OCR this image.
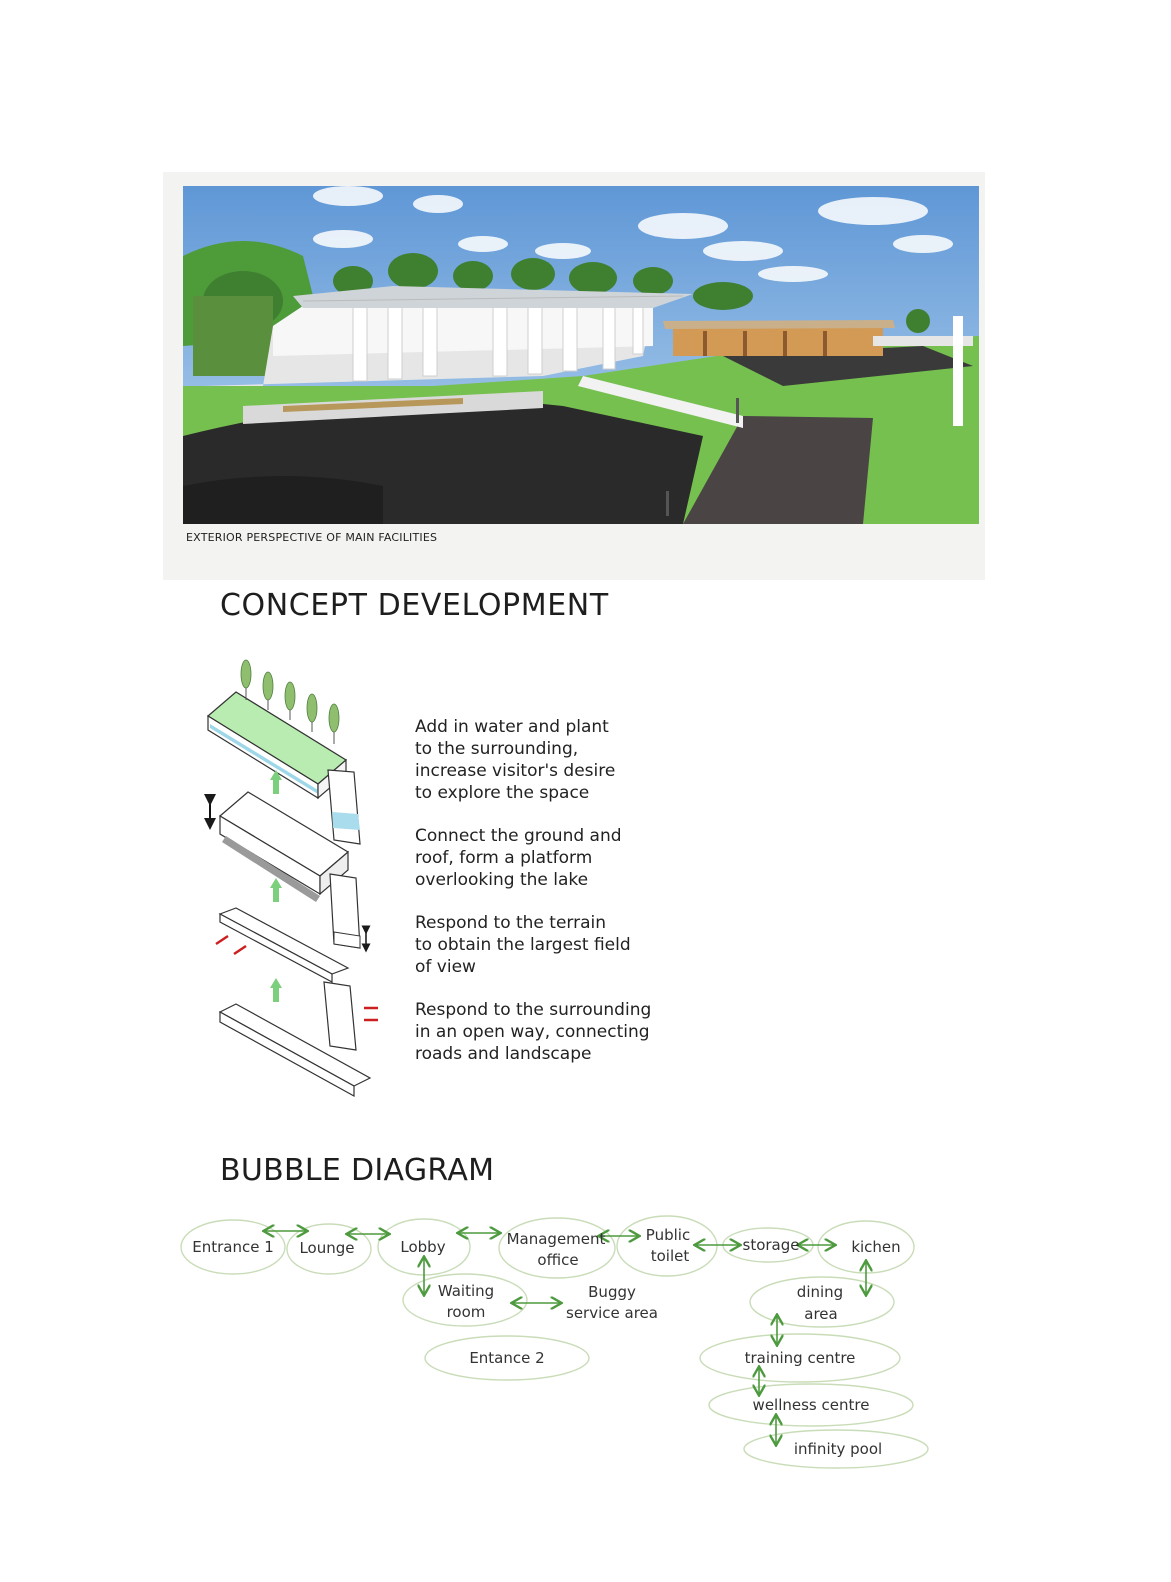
EXTERIOR PERSPECTIVE OF MAIN FACILITIES
CONCEPT DEVELOPMENT
Add in water and plant
to the surrounding,
increase visitor's desire
to explore the space
Connect the ground and
roof, form a platform
overlooking the lake
Respond to the terrain
to obtain the largest field
of view
Respond to the surrounding
in an open way, connecting
roads and landscape
BUBBLE DIAGRAM
Entrance 1 Lounge	Lobby	Management
office
Public
toilet
storage	kichen
Waiting
room
Buggy
service area
Entance 2
dining
area
training centre
wellness centre
infinity pool
